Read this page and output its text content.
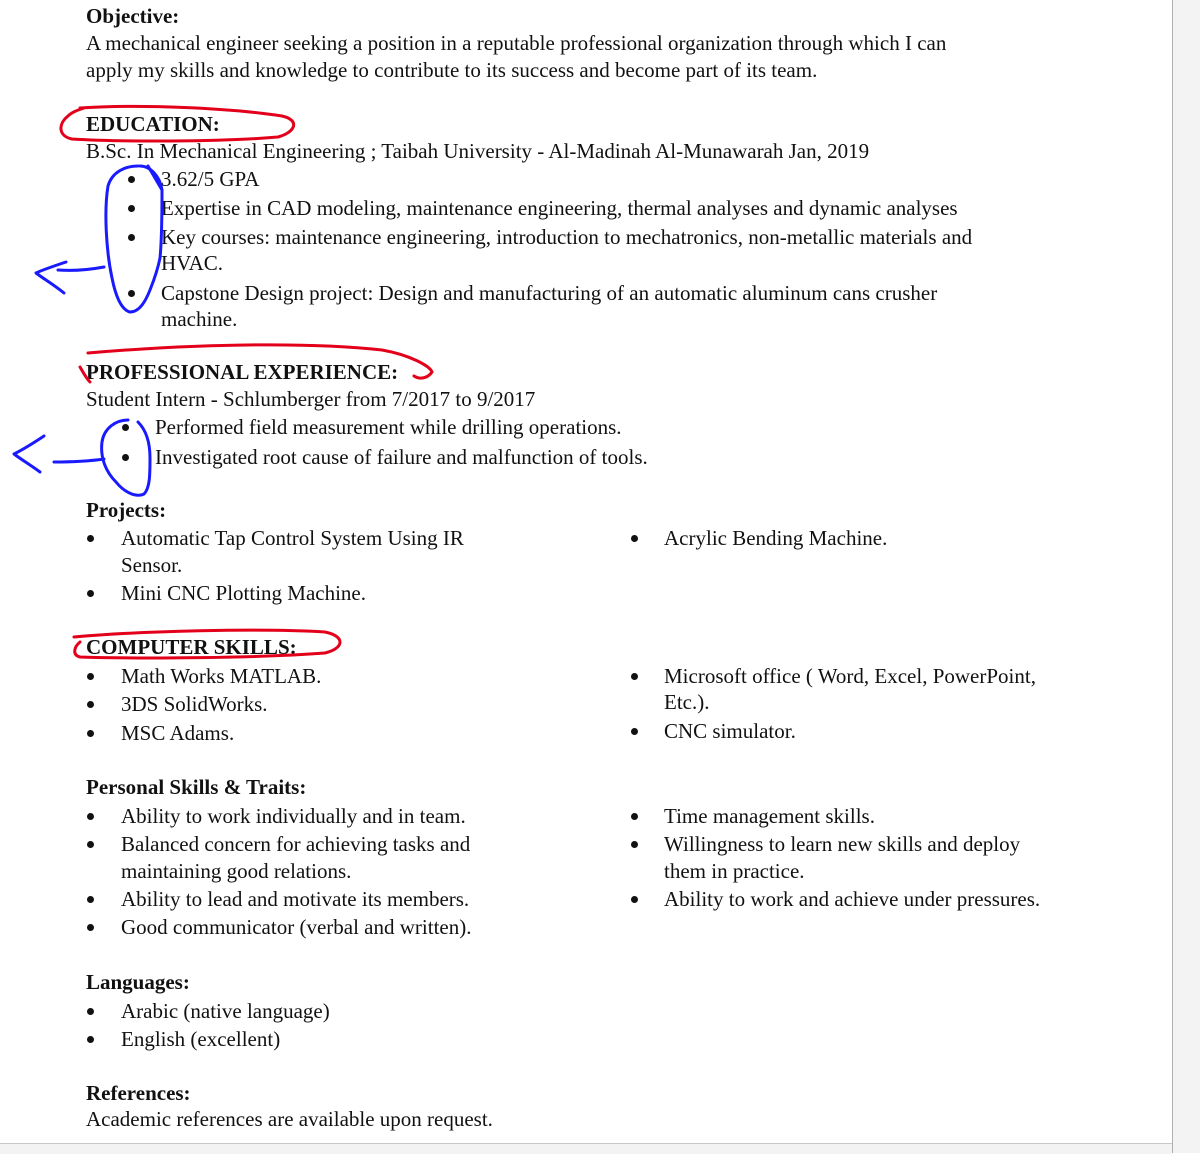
Objective:
A mechanical engineer seeking a position in a reputable professional organization through which I can
apply my skills and knowledge to contribute to its success and become part of its team.
EDUCATION:
B.Sc. In Mechanical Engineering ; Taibah University - Al-Madinah Al-Munawarah Jan, 2019
3.62/5 GPA
Expertise in CAD modeling, maintenance engineering, thermal analyses and dynamic analyses
Key courses: maintenance engineering, introduction to mechatronics, non-metallic materials and
HVAC.
Capstone Design project: Design and manufacturing of an automatic aluminum cans crusher
machine.
PROFESSIONAL EXPERIENCE:
Student Intern - Schlumberger from 7/2017 to 9/2017
Performed field measurement while drilling operations.
Investigated root cause of failure and malfunction of tools.
Projects:
Automatic Tap Control System Using IR
Sensor.
Mini CNC Plotting Machine.
Acrylic Bending Machine.
COMPUTER SKILLS:
Math Works MATLAB.
3DS SolidWorks.
MSC Adams.
Microsoft office ( Word, Excel, PowerPoint,
Etc.).
CNC simulator.
Personal Skills & Traits:
Ability to work individually and in team.
Balanced concern for achieving tasks and
maintaining good relations.
Ability to lead and motivate its members.
Good communicator (verbal and written).
Time management skills.
Willingness to learn new skills and deploy
them in practice.
Ability to work and achieve under pressures.
Languages:
Arabic (native language)
English (excellent)
References:
Academic references are available upon request.
